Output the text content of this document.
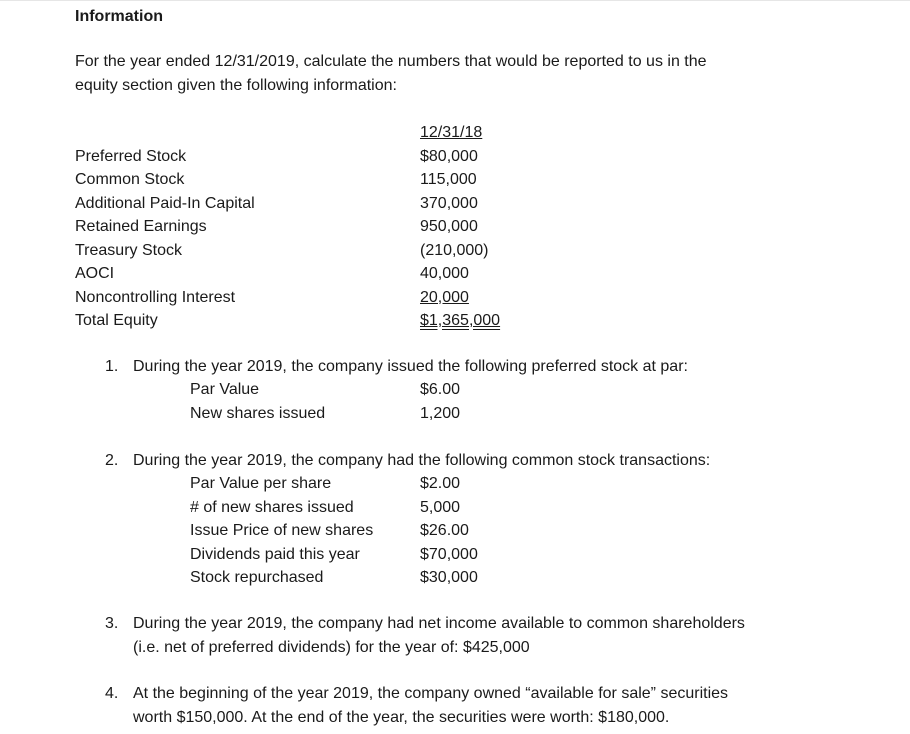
Information
For the year ended 12/31/2019, calculate the numbers that would be reported to us in the
equity section given the following information:
12/31/18
Preferred Stock	$80,000
Common Stock	115,000
Additional Paid-In Capital	370,000
Retained Earnings	950,000
Treasury Stock	(210,000)
AOCI	40,000
Noncontrolling Interest	20,000
Total Equity	$1,365,000
1. During the year 2019, the company issued the following preferred stock at par:
Par Value	$6.00
New shares issued	1,200
2. During the year 2019, the company had the following common stock transactions:
Par Value per share	$2.00
# of new shares issued	5,000
Issue Price of new shares	$26.00
Dividends paid this year	$70,000
Stock repurchased	$30,000
3. During the year 2019, the company had net income available to common shareholders
(i.e. net of preferred dividends) for the year of: $425,000
4. At the beginning of the year 2019, the company owned “available for sale” securities
worth $150,000. At the end of the year, the securities were worth: $180,000.
